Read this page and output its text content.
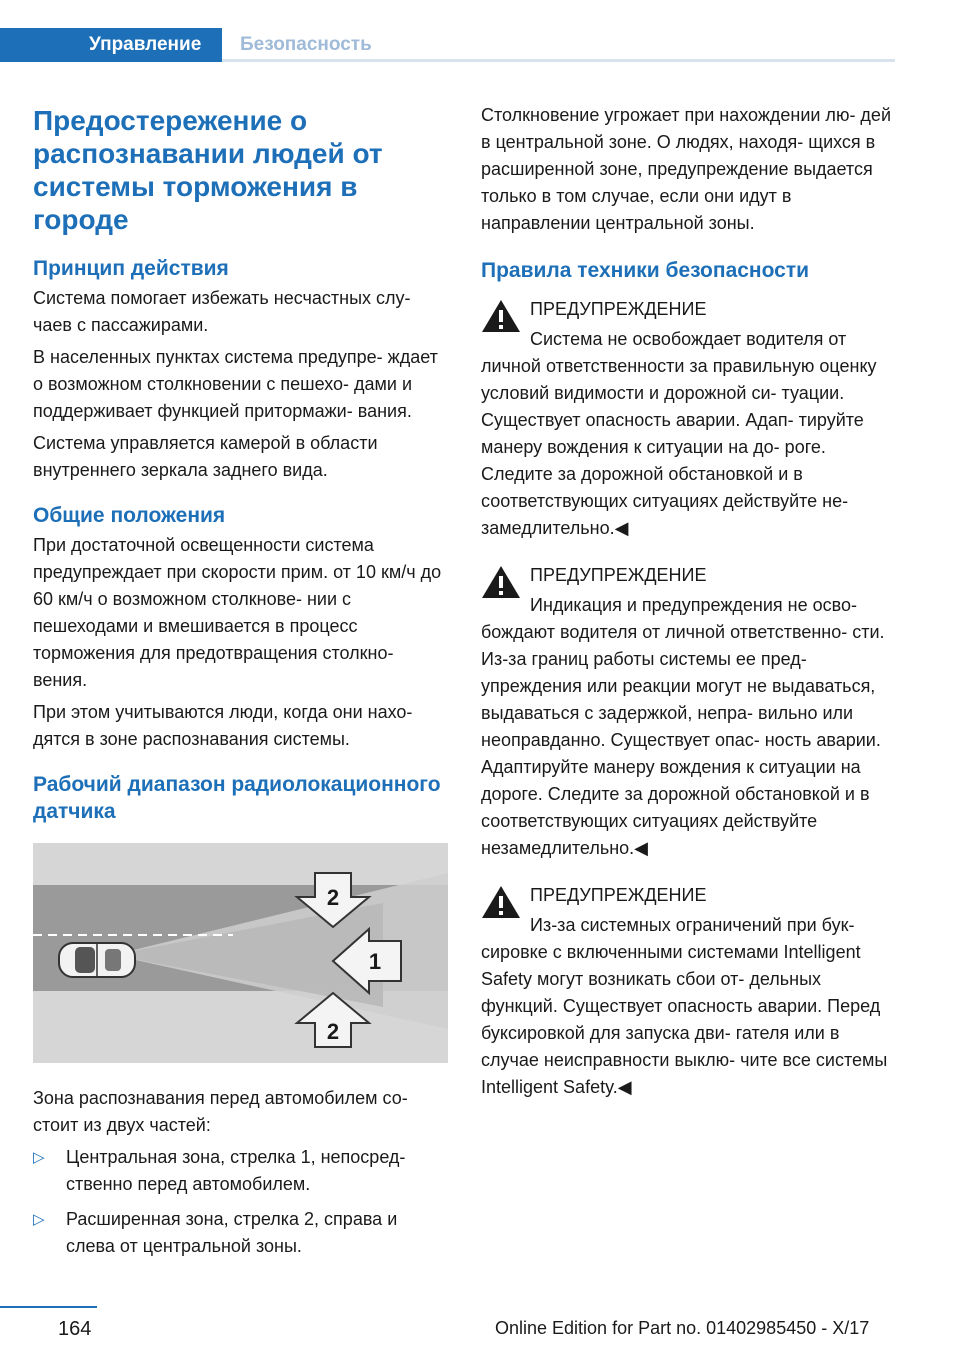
Управление	Безопасность
Предостережение о распознавании людей от системы торможения в городе
Принцип действия

Система помогает избежать несчастных слу‐ чаев с пассажирами.

В населенных пунктах система предупре‐ ждает о возможном столкновении с пешехо‐ дами и поддерживает функцией притормажи‐ вания.

Система управляется камерой в области внутреннего зеркала заднего вида.

Общие положения

При достаточной освещенности система предупреждает при скорости прим. от 10 км/ч до 60 км/ч о возможном столкнове‐ нии с пешеходами и вмешивается в процесс торможения для предотвращения столкно‐ вения.

При этом учитываются люди, когда они нахо‐ дятся в зоне распознавания системы.

Рабочий диапазон радиолокационного датчика
2
1
2

Зона распознавания перед автомобилем со‐ стоит из двух частей:

▷ Центральная зона, стрелка 1, непосред‐ ственно перед автомобилем.
▷ Расширенная зона, стрелка 2, справа и слева от центральной зоны.

Столкновение угрожает при нахождении лю‐ дей в центральной зоне. О людях, находя‐ щихся в расширенной зоне, предупреждение выдается только в том случае, если они идут в направлении центральной зоны.

Правила техники безопасности
ПРЕДУПРЕЖДЕНИЕ
Система не освобождает водителя от личной ответственности за правильную оценку условий видимости и дорожной си‐ туации. Существует опасность аварии. Адап‐ тируйте манеру вождения к ситуации на до‐ роге. Следите за дорожной обстановкой и в соответствующих ситуациях действуйте не‐ замедлительно.◀
ПРЕДУПРЕЖДЕНИЕ
Индикация и предупреждения не осво‐ бождают водителя от личной ответственно‐ сти. Из-за границ работы системы ее пред‐ упреждения или реакции могут не выдаваться, выдаваться с задержкой, непра‐ вильно или неоправданно. Существует опас‐ ность аварии. Адаптируйте манеру вождения к ситуации на дороге. Следите за дорожной обстановкой и в соответствующих ситуациях действуйте незамедлительно.◀
ПРЕДУПРЕЖДЕНИЕ
Из-за системных ограничений при бук‐ сировке с включенными системами Intelligent Safety могут возникать сбои от‐ дельных функций. Существует опасность аварии. Перед буксировкой для запуска дви‐ гателя или в случае неисправности выклю‐ чите все системы Intelligent Safety.◀
164	Online Edition for Part no. 01402985450 - X/17
